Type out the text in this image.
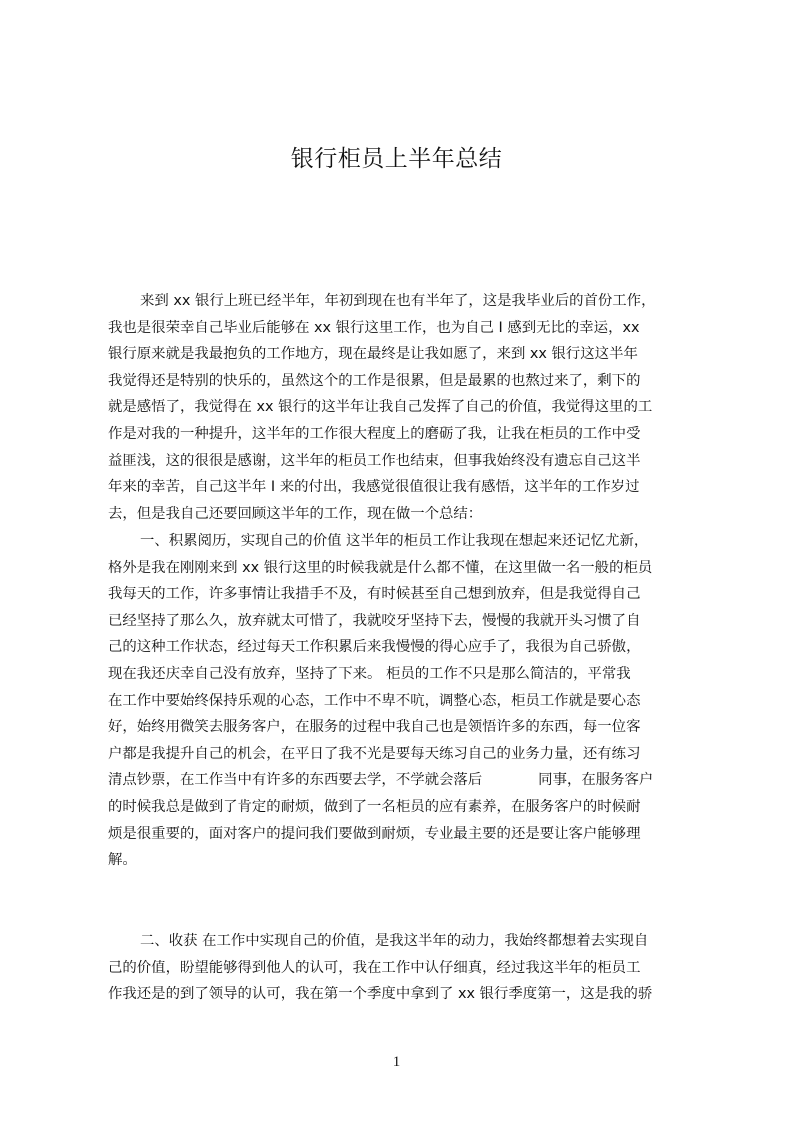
银行柜员上半年总结
来到 xx 银行上班已经半年，年初到现在也有半年了，这是我毕业后的首份工作，
我也是很荣幸自己毕业后能够在 xx 银行这里工作，也为自己 I 感到无比的幸运，xx
银行原来就是我最抱负的工作地方，现在最终是让我如愿了，来到 xx 银行这这半年
我觉得还是特别的快乐的，虽然这个的工作是很累，但是最累的也熬过来了，剩下的
就是感悟了，我觉得在 xx 银行的这半年让我自己发挥了自己的价值，我觉得这里的工
作是对我的一种提升，这半年的工作很大程度上的磨砺了我，让我在柜员的工作中受
益匪浅，这的很很是感谢，这半年的柜员工作也结束，但事我始终没有遗忘自己这半
年来的幸苦，自己这半年 I 来的付出，我感觉很值很让我有感悟，这半年的工作岁过
去，但是我自己还要回顾这半年的工作，现在做一个总结：
一、积累阅历，实现自己的价值 这半年的柜员工作让我现在想起来还记忆尤新，
格外是我在刚刚来到 xx 银行这里的时候我就是什么都不懂，在这里做一名一般的柜员
我每天的工作，许多事情让我措手不及，有时候甚至自己想到放弃，但是我觉得自己
已经坚持了那么久，放弃就太可惜了，我就咬牙坚持下去，慢慢的我就开头习惯了自
己的这种工作状态，经过每天工作积累后来我慢慢的得心应手了，我很为自己骄傲，
现在我还庆幸自己没有放弃，坚持了下来。 柜员的工作不只是那么简洁的，平常我
在工作中要始终保持乐观的心态，工作中不卑不吭，调整心态，柜员工作就是要心态
好，始终用微笑去服务客户，在服务的过程中我自己也是领悟许多的东西，每一位客
户都是我提升自己的机会，在平日了我不光是要每天练习自己的业务力量，还有练习
清点钞票，在工作当中有许多的东西要去学，不学就会落后	同事，在服务客户
的时候我总是做到了肯定的耐烦，做到了一名柜员的应有素养，在服务客户的时候耐
烦是很重要的，面对客户的提问我们要做到耐烦，专业最主要的还是要让客户能够理
解。
二、收获 在工作中实现自己的价值，是我这半年的动力，我始终都想着去实现自
己的价值，盼望能够得到他人的认可，我在工作中认仔细真，经过我这半年的柜员工
作我还是的到了领导的认可，我在第一个季度中拿到了 xx 银行季度第一，这是我的骄
1
